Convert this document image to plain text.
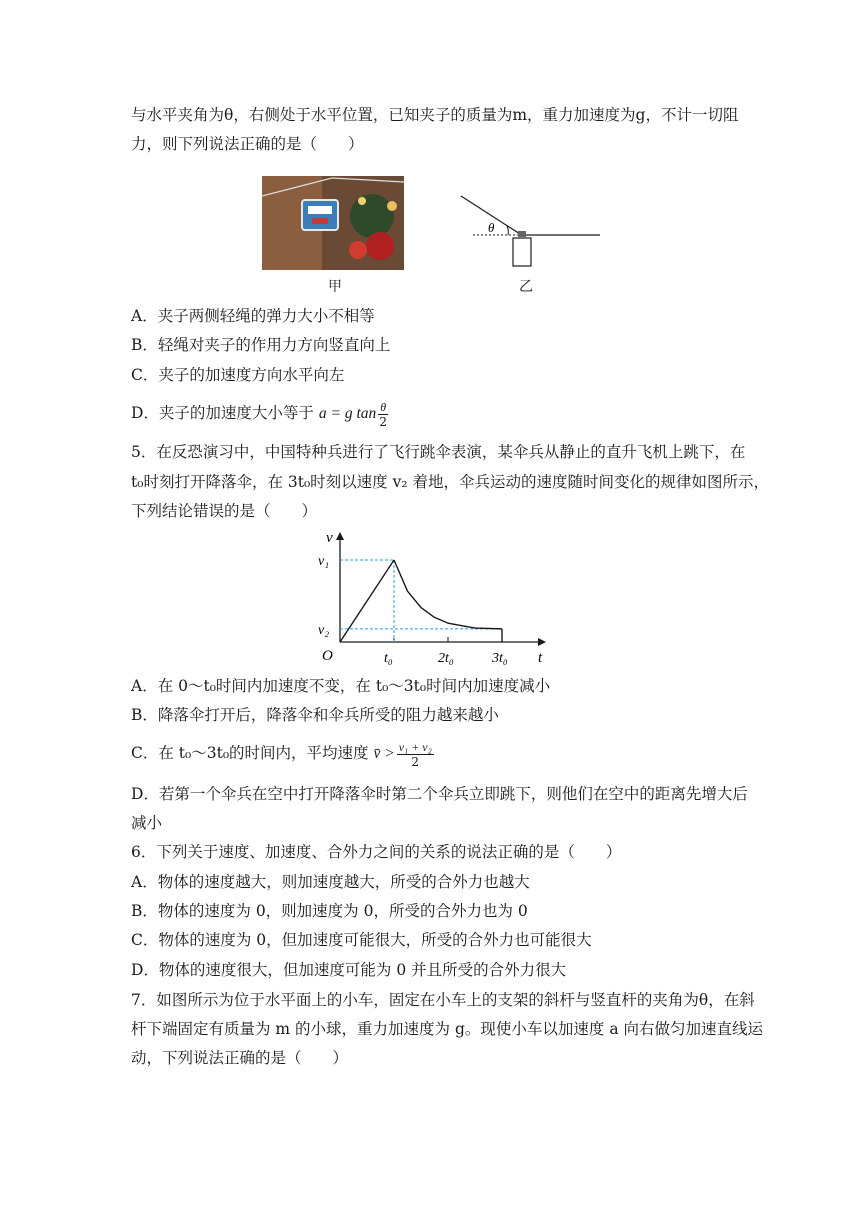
与水平夹角为θ，右侧处于水平位置，已知夹子的质量为m，重力加速度为g，不计一切阻
力，则下列说法正确的是（　　）
甲
θ
乙
A．夹子两侧轻绳的弹力大小不相等
B．轻绳对夹子的作用力方向竖直向上
C．夹子的加速度方向水平向左
D．夹子的加速度大小等于 a = g $\tan \frac{\theta}{2}$
5．在反恐演习中，中国特种兵进行了飞行跳伞表演，某伞兵从静止的直升飞机上跳下，在
t₀时刻打开降落伞，在 3t₀时刻以速度 v₂ 着地，伞兵运动的速度随时间变化的规律如图所示，
下列结论错误的是（　　）
t
v
O	t₀	2t₀	3t₀
v₁
v₂
A．在 0～t₀时间内加速度不变，在 t₀～3t₀时间内加速度减小
B．降落伞打开后，降落伞和伞兵所受的阻力越来越小
C．在 t₀～3t₀的时间内，平均速度 v̄ > $\frac{\text{v₁ + v₂}}{2}$
D．若第一个伞兵在空中打开降落伞时第二个伞兵立即跳下，则他们在空中的距离先增大后
减小
6．下列关于速度、加速度、合外力之间的关系的说法正确的是（　　）
A．物体的速度越大，则加速度越大，所受的合外力也越大
B．物体的速度为 0，则加速度为 0，所受的合外力也为 0
C．物体的速度为 0，但加速度可能很大，所受的合外力也可能很大
D．物体的速度很大，但加速度可能为 0 并且所受的合外力很大
7．如图所示为位于水平面上的小车，固定在小车上的支架的斜杆与竖直杆的夹角为θ，在斜
杆下端固定有质量为 m 的小球，重力加速度为 g。现使小车以加速度 a 向右做匀加速直线运
动，下列说法正确的是（　　）
